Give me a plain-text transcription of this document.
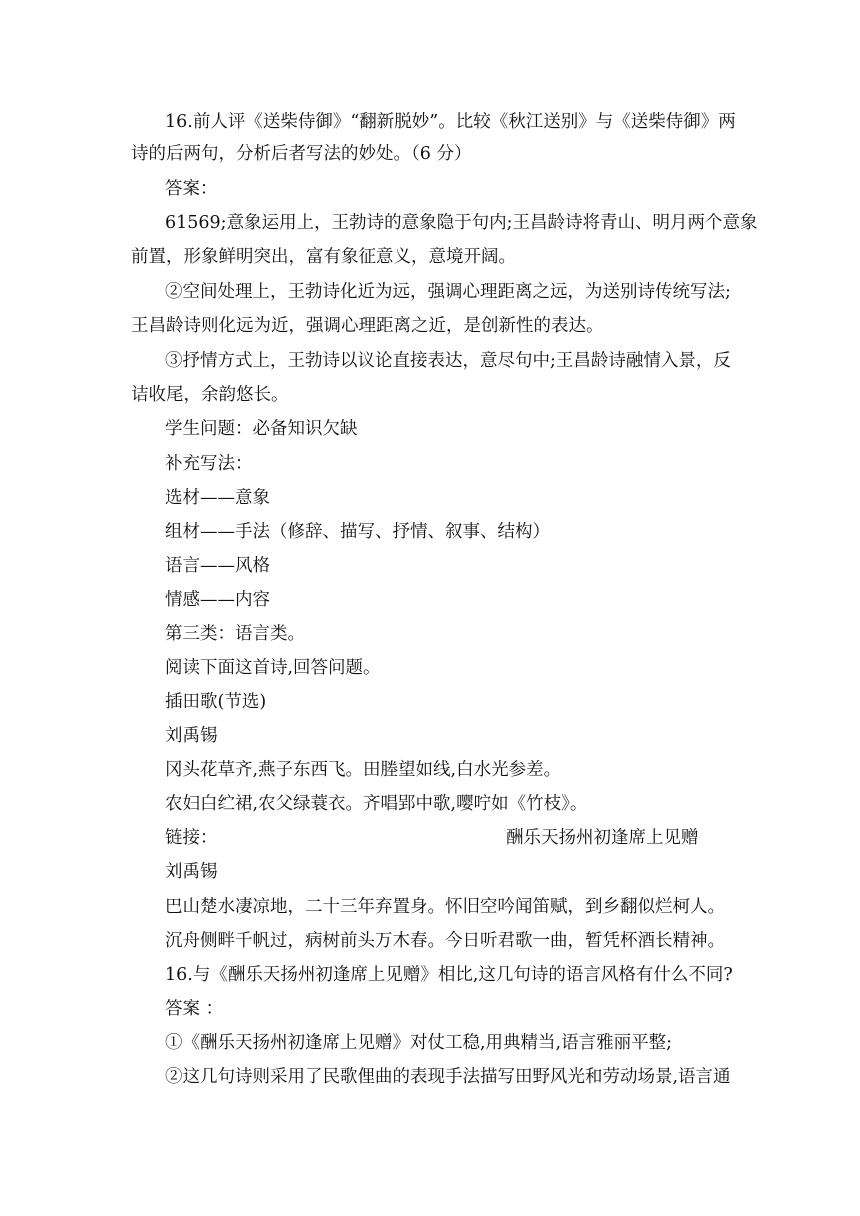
16.前人评《送柴侍御》“翻新脱妙”。比较《秋江送别》与《送柴侍御》两
诗的后两句，分析后者写法的妙处。（6 分）
答案：
61569;意象运用上，王勃诗的意象隐于句内;王昌龄诗将青山、明月两个意象
前置，形象鲜明突出，富有象征意义，意境开阔。
②空间处理上，王勃诗化近为远，强调心理距离之远，为送别诗传统写法;
王昌龄诗则化远为近，强调心理距离之近，是创新性的表达。
③抒情方式上，王勃诗以议论直接表达，意尽句中;王昌龄诗融情入景，反
诘收尾，余韵悠长。
学生问题：必备知识欠缺
补充写法：
选材——意象
组材——手法（修辞、描写、抒情、叙事、结构）
语言——风格
情感——内容
第三类：语言类。
阅读下面这首诗,回答问题。
插田歌(节选)
刘禹锡
冈头花草齐,燕子东西飞。田塍望如线,白水光参差。
农妇白纻裙,农父绿蓑衣。齐唱郢中歌,嘤咛如《竹枝》。
链接：	酬乐天扬州初逢席上见赠
刘禹锡
巴山楚水凄凉地，二十三年弃置身。怀旧空吟闻笛赋，到乡翻似烂柯人。
沉舟侧畔千帆过，病树前头万木春。今日听君歌一曲，暂凭杯酒长精神。
16.与《酬乐天扬州初逢席上见赠》相比,这几句诗的语言风格有什么不同?
答案 ：
①《酬乐天扬州初逢席上见赠》对仗工稳,用典精当,语言雅丽平整;
②这几句诗则采用了民歌俚曲的表现手法描写田野风光和劳动场景,语言通
